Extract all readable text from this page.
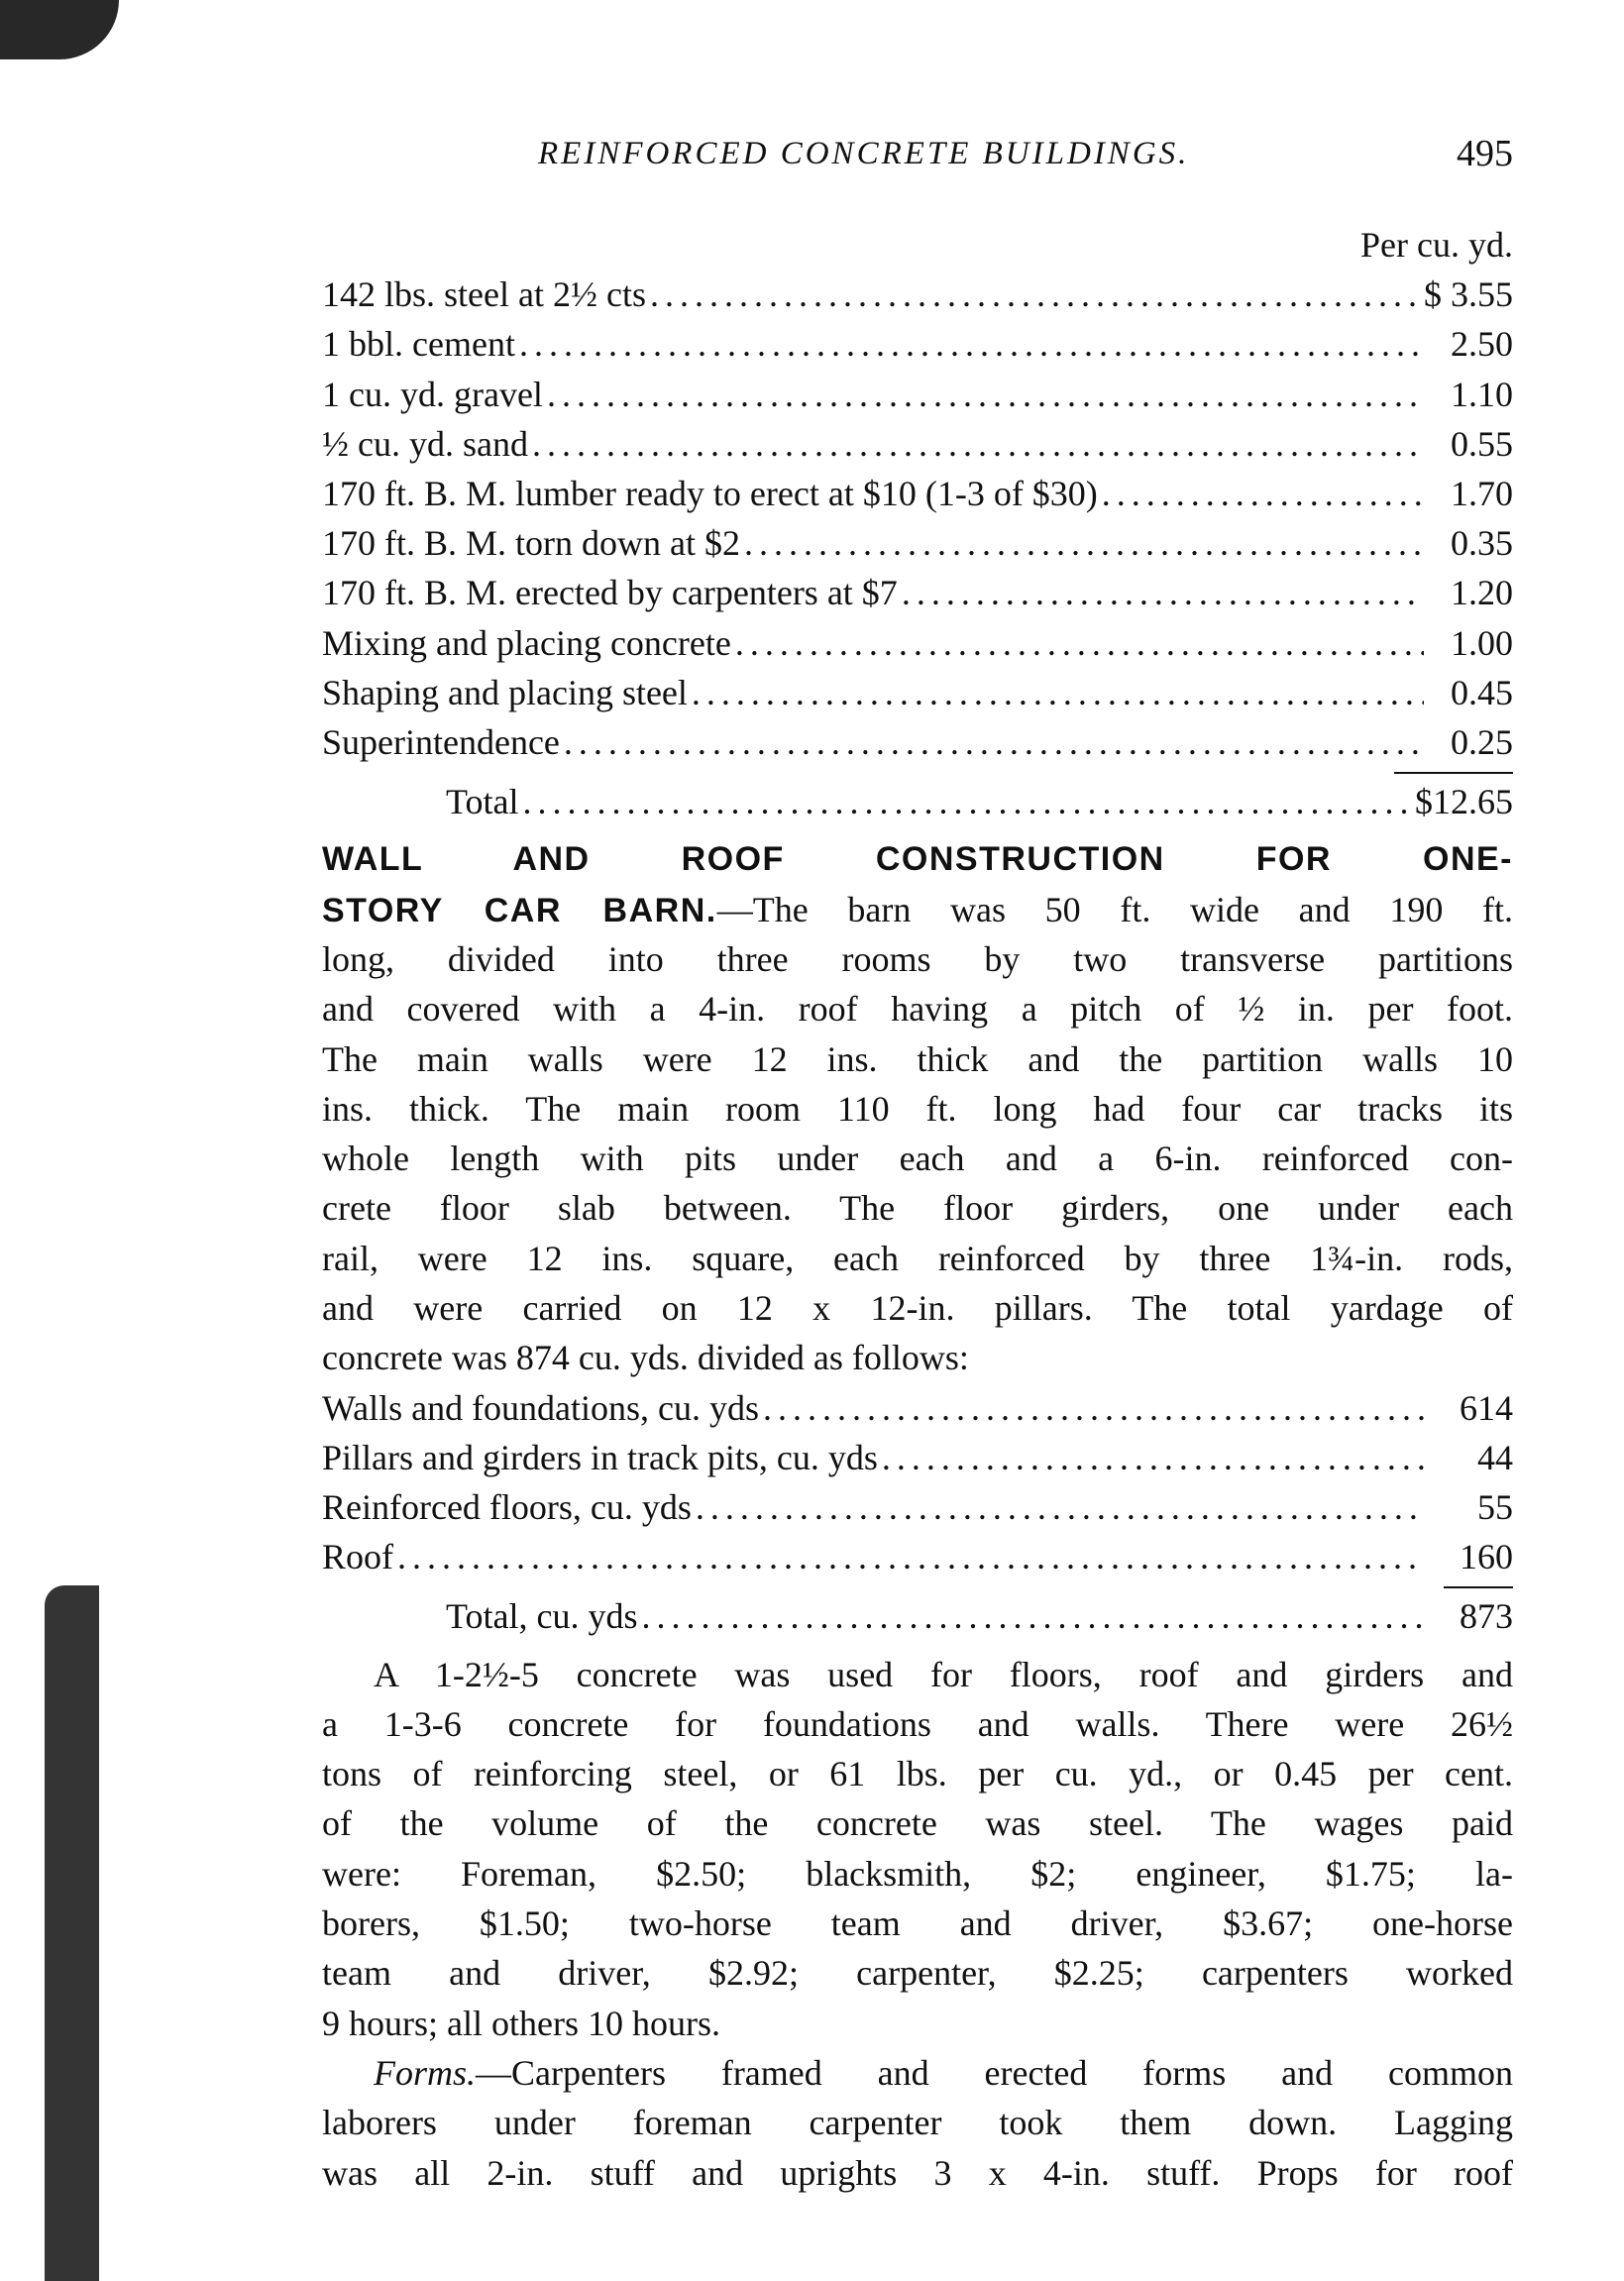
REINFORCED CONCRETE BUILDINGS.	495
Per cu. yd.
142 lbs. steel at 2½ cts . . .	$ 3.55
1 bbl. cement . . .	2.50
1 cu. yd. gravel . . .	1.10
½ cu. yd. sand . . .	0.55
170 ft. B. M. lumber ready to erect at $10 (1-3 of $30) . . .	1.70
170 ft. B. M. torn down at $2 . . .	0.35
170 ft. B. M. erected by carpenters at $7 . . .	1.20
Mixing and placing concrete . . .	1.00
Shaping and placing steel . . .	0.45
Superintendence . . .	0.25
Total . . .	$12.65
WALL AND ROOF CONSTRUCTION FOR ONE-
STORY CAR BARN.—The barn was 50 ft. wide and 190 ft.
long, divided into three rooms by two transverse partitions
and covered with a 4-in. roof having a pitch of ½ in. per foot.
The main walls were 12 ins. thick and the partition walls 10
ins. thick. The main room 110 ft. long had four car tracks its
whole length with pits under each and a 6-in. reinforced con-
crete floor slab between. The floor girders, one under each
rail, were 12 ins. square, each reinforced by three 1¾-in. rods,
and were carried on 12 x 12-in. pillars. The total yardage of
concrete was 874 cu. yds. divided as follows:
Walls and foundations, cu. yds . . .	614
Pillars and girders in track pits, cu. yds . . .	44
Reinforced floors, cu. yds . . .	55
Roof . . .	160
Total, cu. yds . . .	873
A 1-2½-5 concrete was used for floors, roof and girders and
a 1-3-6 concrete for foundations and walls. There were 26½
tons of reinforcing steel, or 61 lbs. per cu. yd., or 0.45 per cent.
of the volume of the concrete was steel. The wages paid
were: Foreman, $2.50; blacksmith, $2; engineer, $1.75; la-
borers, $1.50; two-horse team and driver, $3.67; one-horse
team and driver, $2.92; carpenter, $2.25; carpenters worked
9 hours; all others 10 hours.
Forms.—Carpenters framed and erected forms and common
laborers under foreman carpenter took them down. Lagging
was all 2-in. stuff and uprights 3 x 4-in. stuff. Props for roof
